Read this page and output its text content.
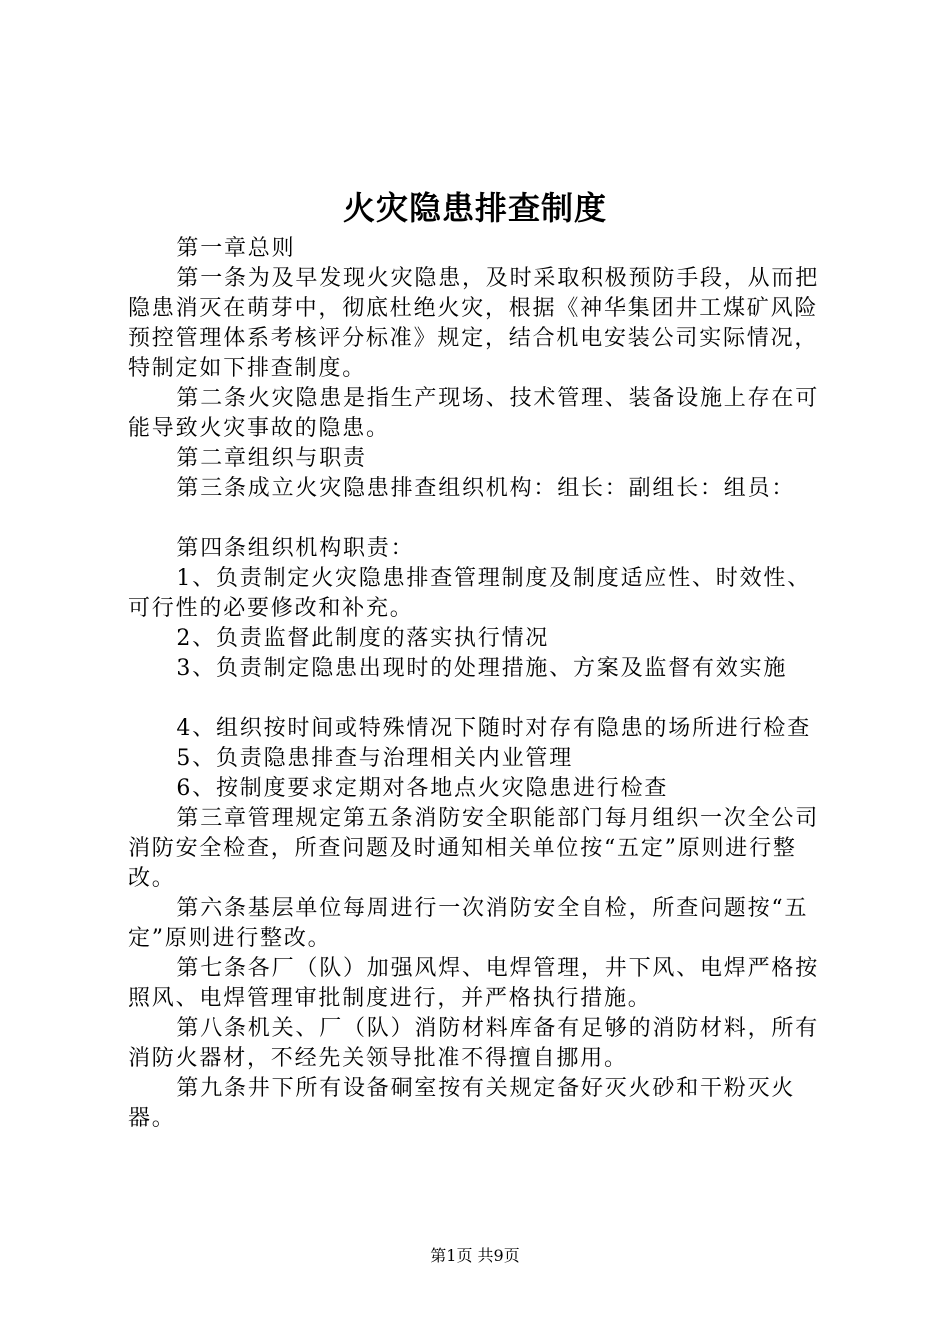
火灾隐患排查制度

第一章总则

第一条为及早发现火灾隐患，及时采取积极预防手段，从而把隐患消灭在萌芽中，彻底杜绝火灾，根据《神华集团井工煤矿风险预控管理体系考核评分标准》规定，结合机电安装公司实际情况，特制定如下排查制度。

第二条火灾隐患是指生产现场、技术管理、装备设施上存在可能导致火灾事故的隐患。

第二章组织与职责

第三条成立火灾隐患排查组织机构：组长：副组长：组员：

第四条组织机构职责：

1、负责制定火灾隐患排查管理制度及制度适应性、时效性、可行性的必要修改和补充。

2、负责监督此制度的落实执行情况

3、负责制定隐患出现时的处理措施、方案及监督有效实施

4、组织按时间或特殊情况下随时对存有隐患的场所进行检查

5、负责隐患排查与治理相关内业管理

6、按制度要求定期对各地点火灾隐患进行检查

第三章管理规定第五条消防安全职能部门每月组织一次全公司消防安全检查，所查问题及时通知相关单位按“五定”原则进行整改。

第六条基层单位每周进行一次消防安全自检，所查问题按“五定”原则进行整改。

第七条各厂（队）加强风焊、电焊管理，井下风、电焊严格按照风、电焊管理审批制度进行，并严格执行措施。

第八条机关、厂（队）消防材料库备有足够的消防材料，所有消防火器材，不经先关领导批准不得擅自挪用。

第九条井下所有设备硐室按有关规定备好灭火砂和干粉灭火器。

第1页 共9页
